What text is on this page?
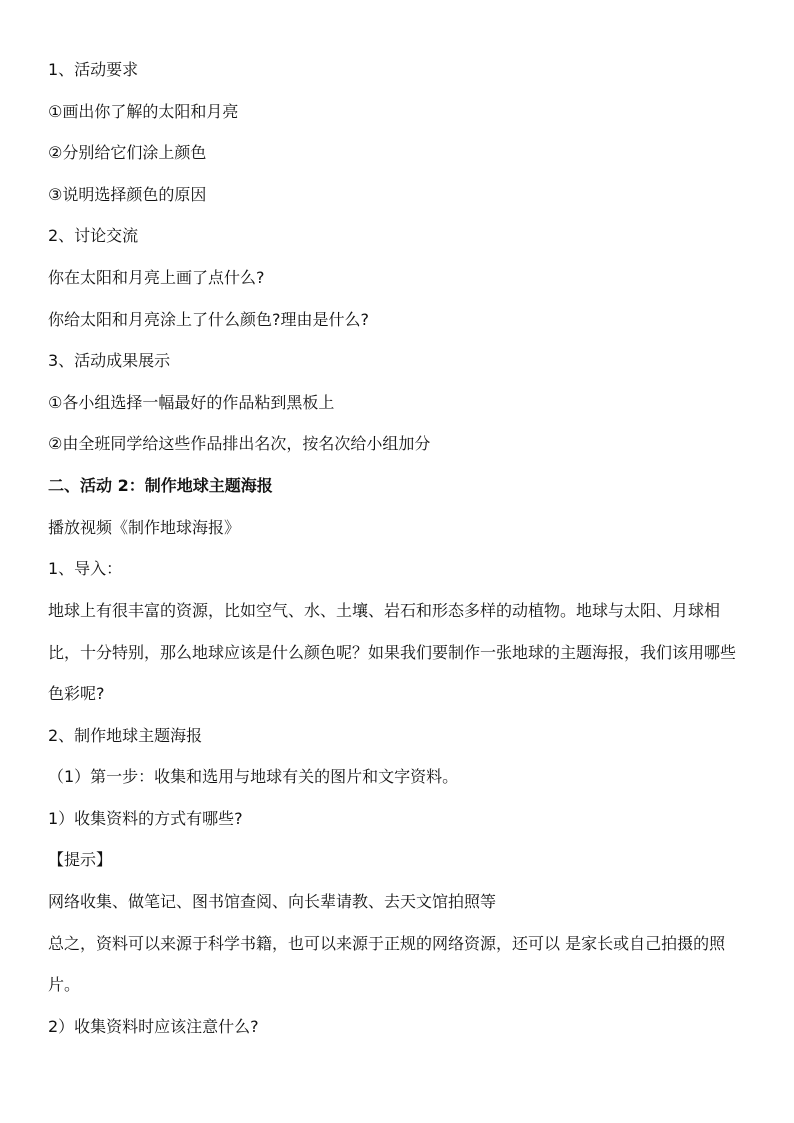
1、活动要求

①画出你了解的太阳和月亮

②分别给它们涂上颜色

③说明选择颜色的原因

2、讨论交流

你在太阳和月亮上画了点什么?

你给太阳和月亮涂上了什么颜色?理由是什么?

3、活动成果展示

①各小组选择一幅最好的作品粘到黑板上

②由全班同学给这些作品排出名次，按名次给小组加分

二、活动 2：制作地球主题海报

播放视频《制作地球海报》

1、导入：

地球上有很丰富的资源，比如空气、水、土壤、岩石和形态多样的动植物。地球与太阳、月球相比，十分特别，那么地球应该是什么颜色呢？如果我们要制作一张地球的主题海报，我们该用哪些色彩呢?

2、制作地球主题海报

（1）第一步：收集和选用与地球有关的图片和文字资料。

1）收集资料的方式有哪些?

【提示】

网络收集、做笔记、图书馆查阅、向长辈请教、去天文馆拍照等

总之，资料可以来源于科学书籍，也可以来源于正规的网络资源，还可以 是家长或自己拍摄的照片。

2）收集资料时应该注意什么?
